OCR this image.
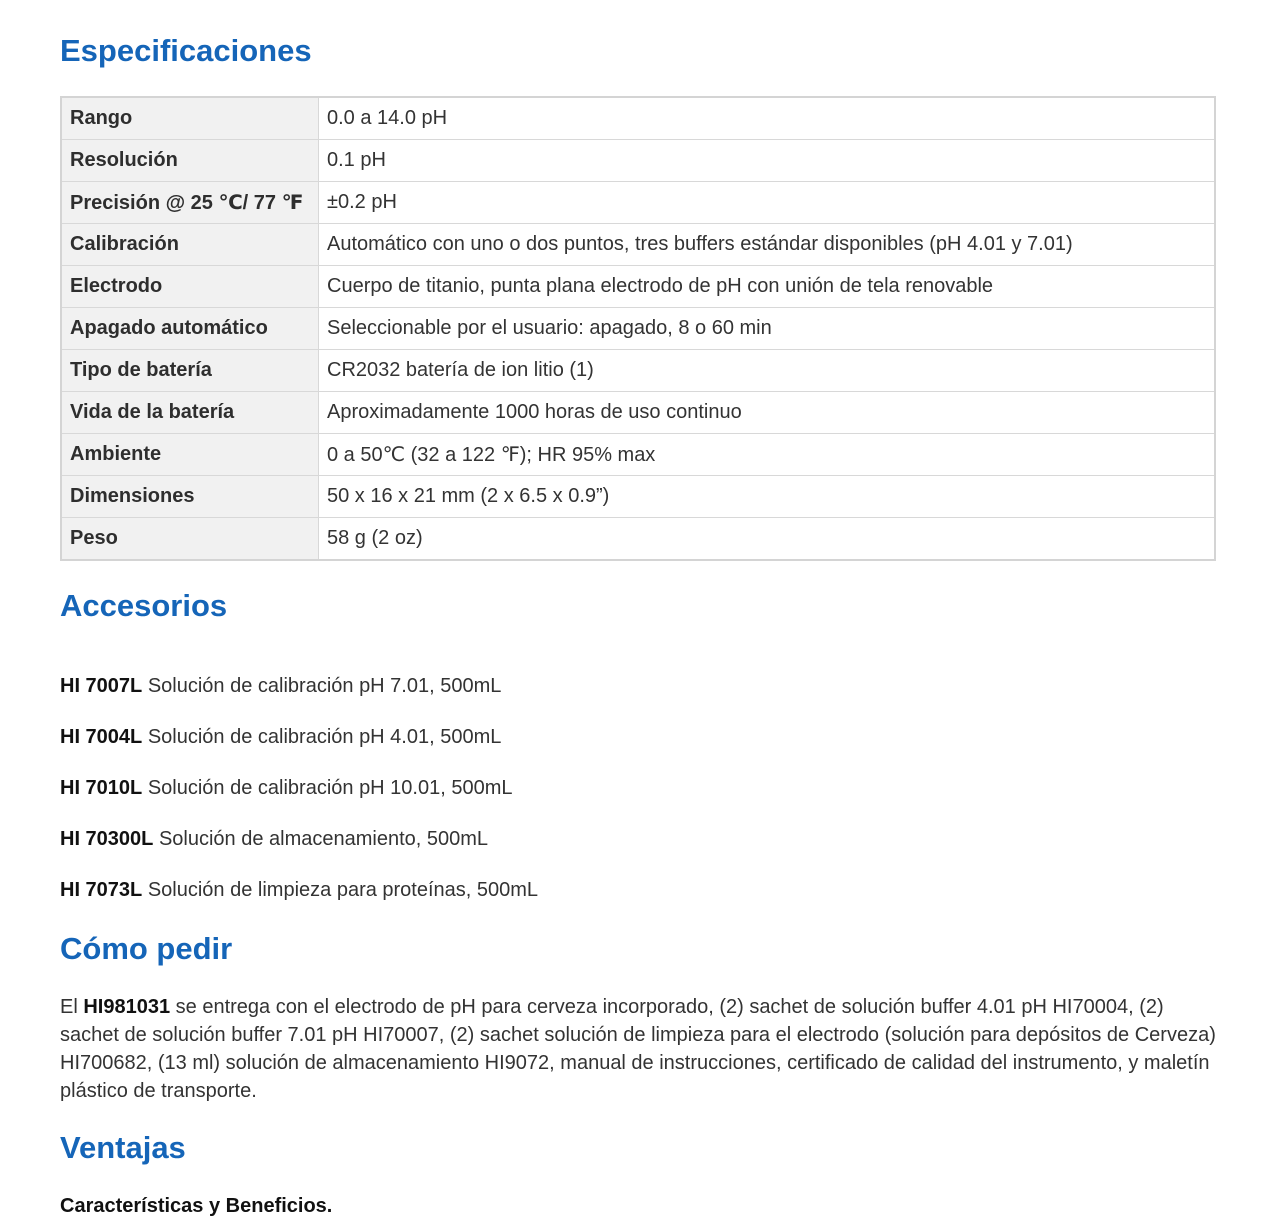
Especificaciones
Rango	0.0 a 14.0 pH
Resolución	0.1 pH
Precisión @ 25 ℃/ 77 ℉	±0.2 pH
Calibración	Automático con uno o dos puntos, tres buffers estándar disponibles (pH 4.01 y 7.01)
Electrodo	Cuerpo de titanio, punta plana electrodo de pH con unión de tela renovable
Apagado automático	Seleccionable por el usuario: apagado, 8 o 60 min
Tipo de batería	CR2032 batería de ion litio (1)
Vida de la batería	Aproximadamente 1000 horas de uso continuo
Ambiente	0 a 50℃ (32 a 122 ℉); HR 95% max
Dimensiones	50 x 16 x 21 mm (2 x 6.5 x 0.9”)
Peso	58 g (2 oz)
Accesorios
HI 7007L Solución de calibración pH 7.01, 500mL
HI 7004L Solución de calibración pH 4.01, 500mL
HI 7010L Solución de calibración pH 10.01, 500mL
HI 70300L Solución de almacenamiento, 500mL
HI 7073L Solución de limpieza para proteínas, 500mL
Cómo pedir

El HI981031 se entrega con el electrodo de pH para cerveza incorporado, (2) sachet de solución buffer 4.01 pH HI70004, (2) sachet de solución buffer 7.01 pH HI70007, (2) sachet solución de limpieza para el electrodo (solución para depósitos de Cerveza) HI700682, (13 ml) solución de almacenamiento HI9072, manual de instrucciones, certificado de calidad del instrumento, y maletín plástico de transporte.

Ventajas

Características y Beneficios.
